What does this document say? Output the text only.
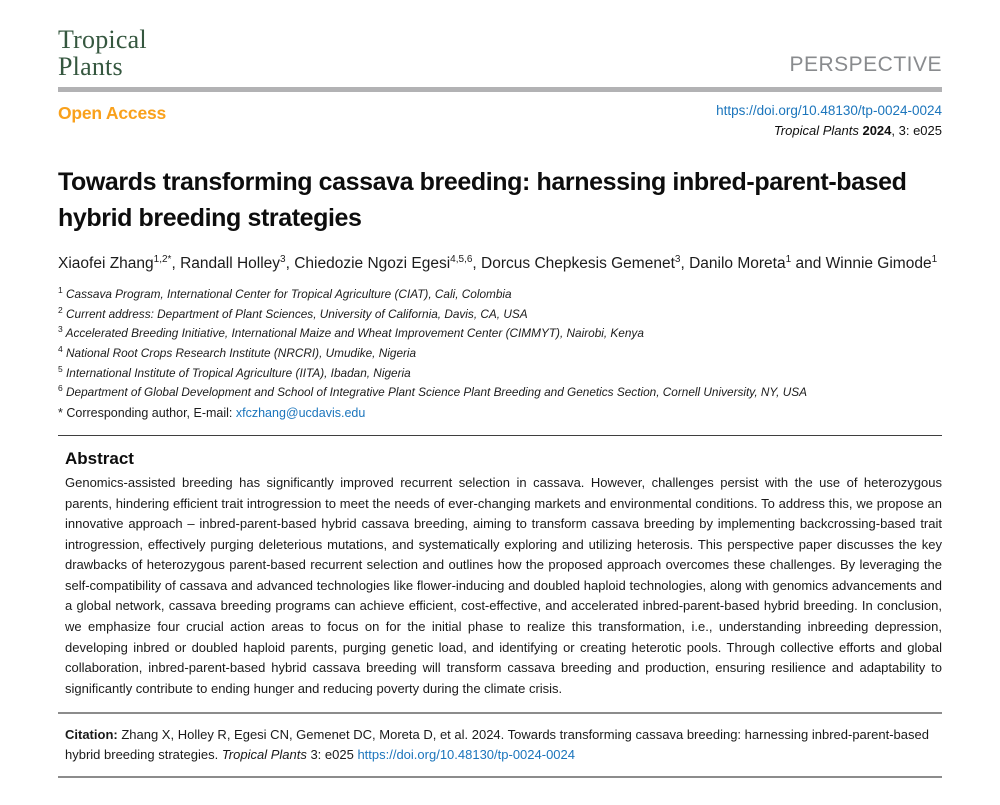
Tropical
Plants	PERSPECTIVE
Open Access	https://doi.org/10.48130/tp-0024-0024
Tropical Plants 2024, 3: e025
Towards transforming cassava breeding: harnessing inbred-parent-based hybrid breeding strategies
Xiaofei Zhang$^{1,2*}$, Randall Holley$^3$, Chiedozie Ngozi Egesi$^{4,5,6}$, Dorcus Chepkesis Gemenet$^3$, Danilo Moreta$^1$ and Winnie Gimode$^1$
$^1$ Cassava Program, International Center for Tropical Agriculture (CIAT), Cali, Colombia
$^2$ Current address: Department of Plant Sciences, University of California, Davis, CA, USA
$^3$ Accelerated Breeding Initiative, International Maize and Wheat Improvement Center (CIMMYT), Nairobi, Kenya
$^4$ National Root Crops Research Institute (NRCRI), Umudike, Nigeria
$^5$ International Institute of Tropical Agriculture (IITA), Ibadan, Nigeria
$^6$ Department of Global Development and School of Integrative Plant Science Plant Breeding and Genetics Section, Cornell University, NY, USA
* Corresponding author, E-mail: xfczhang@ucdavis.edu
Abstract

Genomics-assisted breeding has significantly improved recurrent selection in cassava. However, challenges persist with the use of heterozygous parents, hindering efficient trait introgression to meet the needs of ever-changing markets and environmental conditions. To address this, we propose an innovative approach – inbred-parent-based hybrid cassava breeding, aiming to transform cassava breeding by implementing backcrossing-based trait introgression, effectively purging deleterious mutations, and systematically exploring and utilizing heterosis. This perspective paper discusses the key drawbacks of heterozygous parent-based recurrent selection and outlines how the proposed approach overcomes these challenges. By leveraging the self-compatibility of cassava and advanced technologies like flower-inducing and doubled haploid technologies, along with genomics advancements and a global network, cassava breeding programs can achieve efficient, cost-effective, and accelerated inbred-parent-based hybrid breeding. In conclusion, we emphasize four crucial action areas to focus on for the initial phase to realize this transformation, i.e., understanding inbreeding depression, developing inbred or doubled haploid parents, purging genetic load, and identifying or creating heterotic pools. Through collective efforts and global collaboration, inbred-parent-based hybrid cassava breeding will transform cassava breeding and production, ensuring resilience and adaptability to significantly contribute to ending hunger and reducing poverty during the climate crisis.

Citation: Zhang X, Holley R, Egesi CN, Gemenet DC, Moreta D, et al. 2024. Towards transforming cassava breeding: harnessing inbred-parent-based hybrid breeding strategies. Tropical Plants 3: e025 https://doi.org/10.48130/tp-0024-0024
